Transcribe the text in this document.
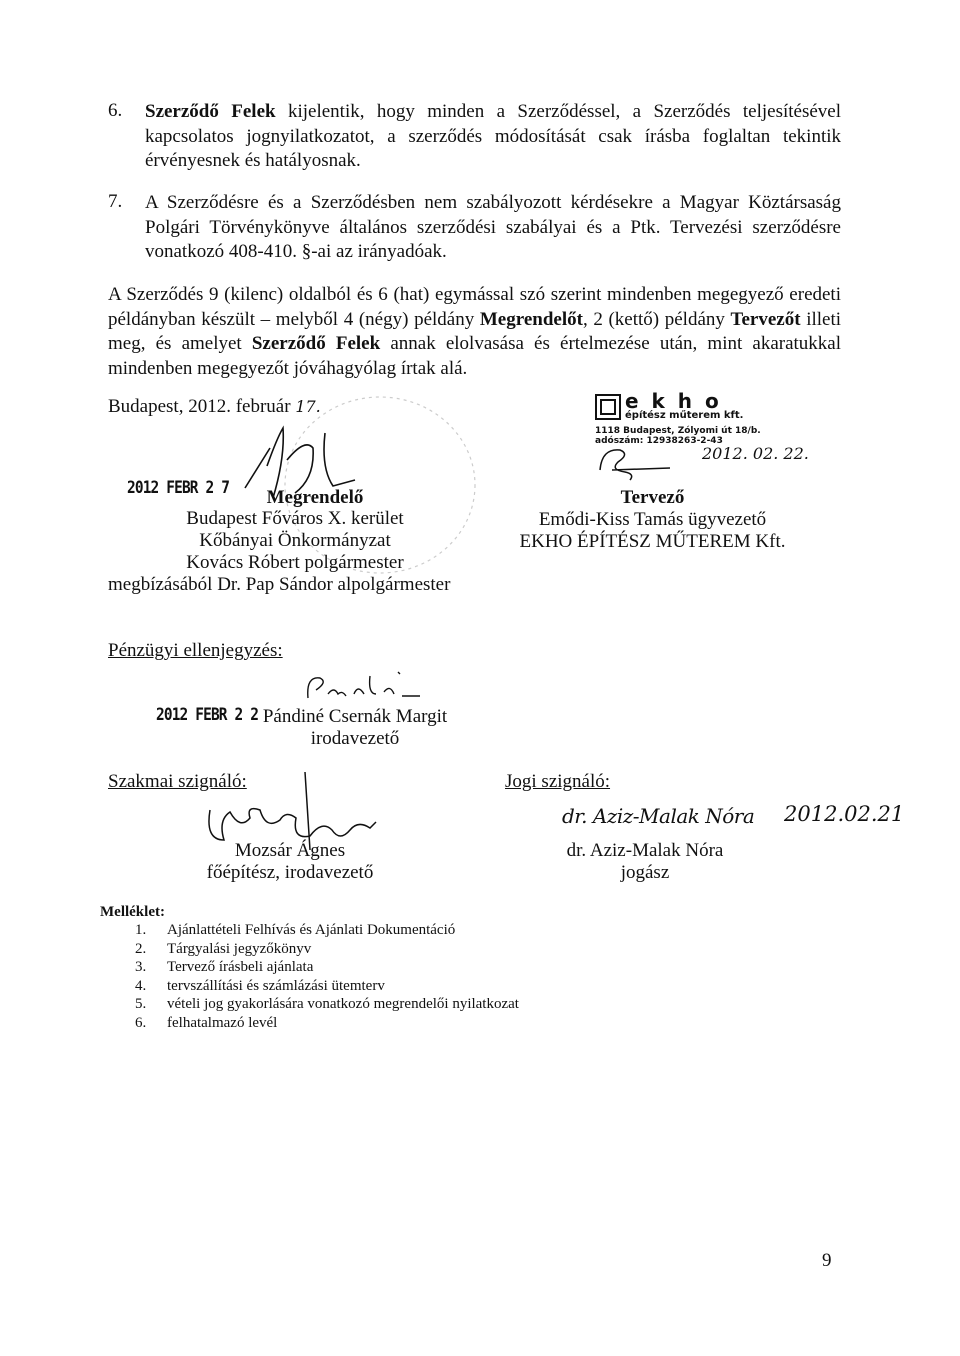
6. Szerződő Felek kijelentik, hogy minden a Szerződéssel, a Szerződés teljesítésével kapcsolatos jognyilatkozatot, a szerződés módosítását csak írásba foglaltan tekintik érvényesnek és hatályosnak.
7. A Szerződésre és a Szerződésben nem szabályozott kérdésekre a Magyar Köztársaság Polgári Törvénykönyve általános szerződési szabályai és a Ptk. Tervezési szerződésre vonatkozó 408-410. §-ai az irányadóak.
A Szerződés 9 (kilenc) oldalból és 6 (hat) egymással szó szerint mindenben megegyező eredeti példányban készült – melyből 4 (négy) példány Megrendelőt, 2 (kettő) példány Tervezőt illeti meg, és amelyet Szerződő Felek annak elolvasása és értelmezése után, mint akaratukkal mindenben megegyezőt jóváhagyólag írtak alá.
Budapest, 2012. február 17.
2012 FEBR 2 7	Megrendelő
Budapest Főváros X. kerület
Kőbányai Önkormányzat
Kovács Róbert polgármester
megbízásából Dr. Pap Sándor alpolgármester
e k h o
építész műterem kft.
1118 Budapest, Zólyomi út 18/b.
adószám: 12938263-2-43
2012. 02. 22.
Tervező
Emődi-Kiss Tamás ügyvezető
EKHO ÉPÍTÉSZ MŰTEREM Kft.
Pénzügyi ellenjegyzés:
2012 FEBR 2 2 Pándiné Csernák Margit
irodavezető
Szakmai szignáló:
Mozsár Ágnes
főépítész, irodavezető
Jogi szignáló:
dr. Aziz-Malak Nóra 2012.02.21
dr. Aziz-Malak Nóra
jogász
Melléklet:
1. Ajánlattételi Felhívás és Ajánlati Dokumentáció
2. Tárgyalási jegyzőkönyv
3. Tervező írásbeli ajánlata
4. tervszállítási és számlázási ütemterv
5. vételi jog gyakorlására vonatkozó megrendelői nyilatkozat
6. felhatalmazó levél
9
